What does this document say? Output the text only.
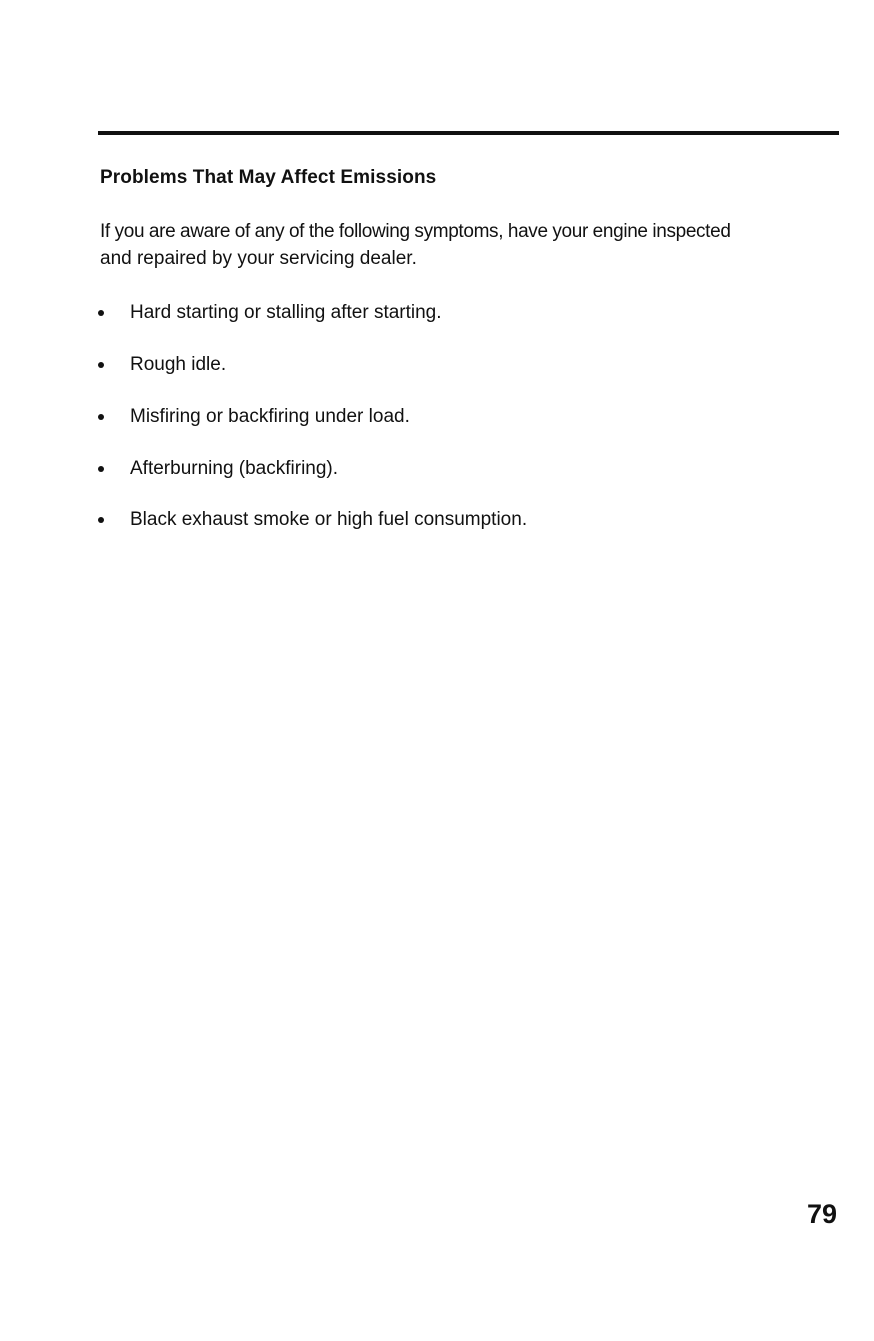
Problems That May Affect Emissions

If you are aware of any of the following symptoms, have your engine inspected
and repaired by your servicing dealer.

Hard starting or stalling after starting.
Rough idle.
Misfiring or backfiring under load.
Afterburning (backfiring).
Black exhaust smoke or high fuel consumption.
79
